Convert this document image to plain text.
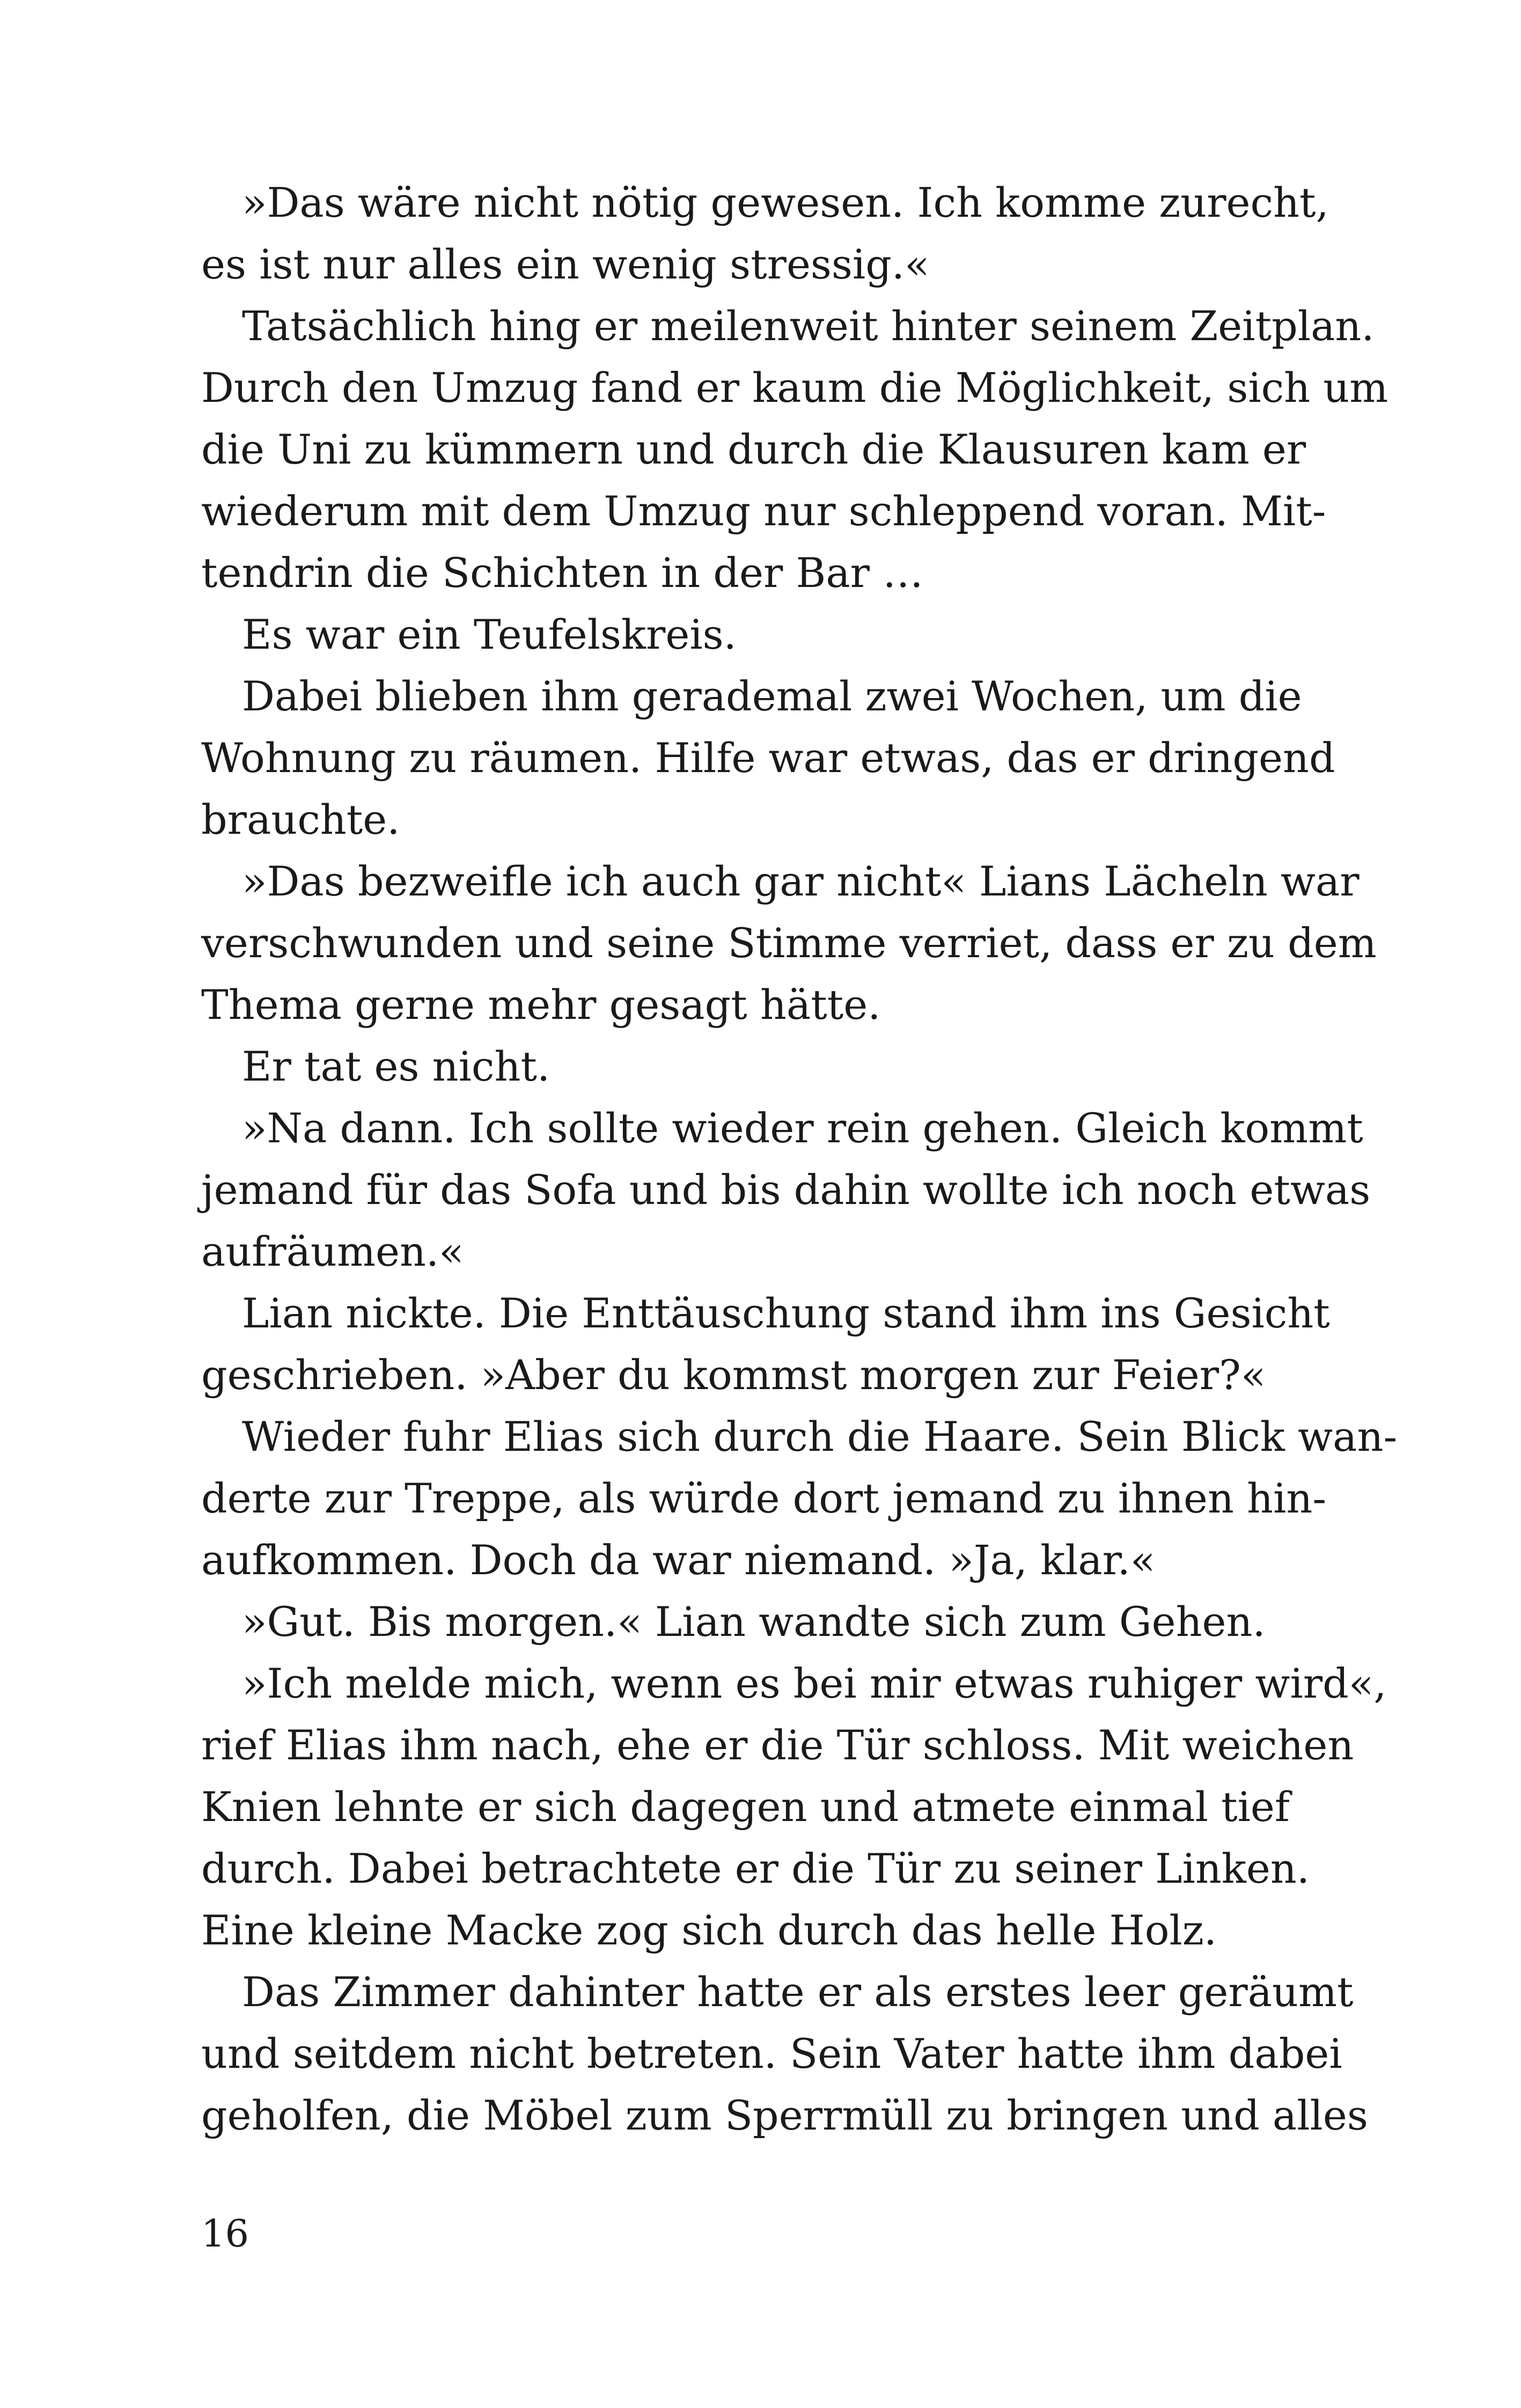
»Das wäre nicht nötig gewesen. Ich komme zurecht,
es ist nur alles ein wenig stressig.«
Tatsächlich hing er meilenweit hinter seinem Zeitplan.
Durch den Umzug fand er kaum die Möglichkeit, sich um
die Uni zu kümmern und durch die Klausuren kam er
wiederum mit dem Umzug nur schleppend voran. Mit-
tendrin die Schichten in der Bar …
Es war ein Teufelskreis.
Dabei blieben ihm gerademal zwei Wochen, um die
Wohnung zu räumen. Hilfe war etwas, das er dringend
brauchte.
»Das bezweifle ich auch gar nicht« Lians Lächeln war
verschwunden und seine Stimme verriet, dass er zu dem
Thema gerne mehr gesagt hätte.
Er tat es nicht.
»Na dann. Ich sollte wieder rein gehen. Gleich kommt
jemand für das Sofa und bis dahin wollte ich noch etwas
aufräumen.«
Lian nickte. Die Enttäuschung stand ihm ins Gesicht
geschrieben. »Aber du kommst morgen zur Feier?«
Wieder fuhr Elias sich durch die Haare. Sein Blick wan-
derte zur Treppe, als würde dort jemand zu ihnen hin-
aufkommen. Doch da war niemand. »Ja, klar.«
»Gut. Bis morgen.« Lian wandte sich zum Gehen.
»Ich melde mich, wenn es bei mir etwas ruhiger wird«,
rief Elias ihm nach, ehe er die Tür schloss. Mit weichen
Knien lehnte er sich dagegen und atmete einmal tief
durch. Dabei betrachtete er die Tür zu seiner Linken.
Eine kleine Macke zog sich durch das helle Holz.
Das Zimmer dahinter hatte er als erstes leer geräumt
und seitdem nicht betreten. Sein Vater hatte ihm dabei
geholfen, die Möbel zum Sperrmüll zu bringen und alles
16
